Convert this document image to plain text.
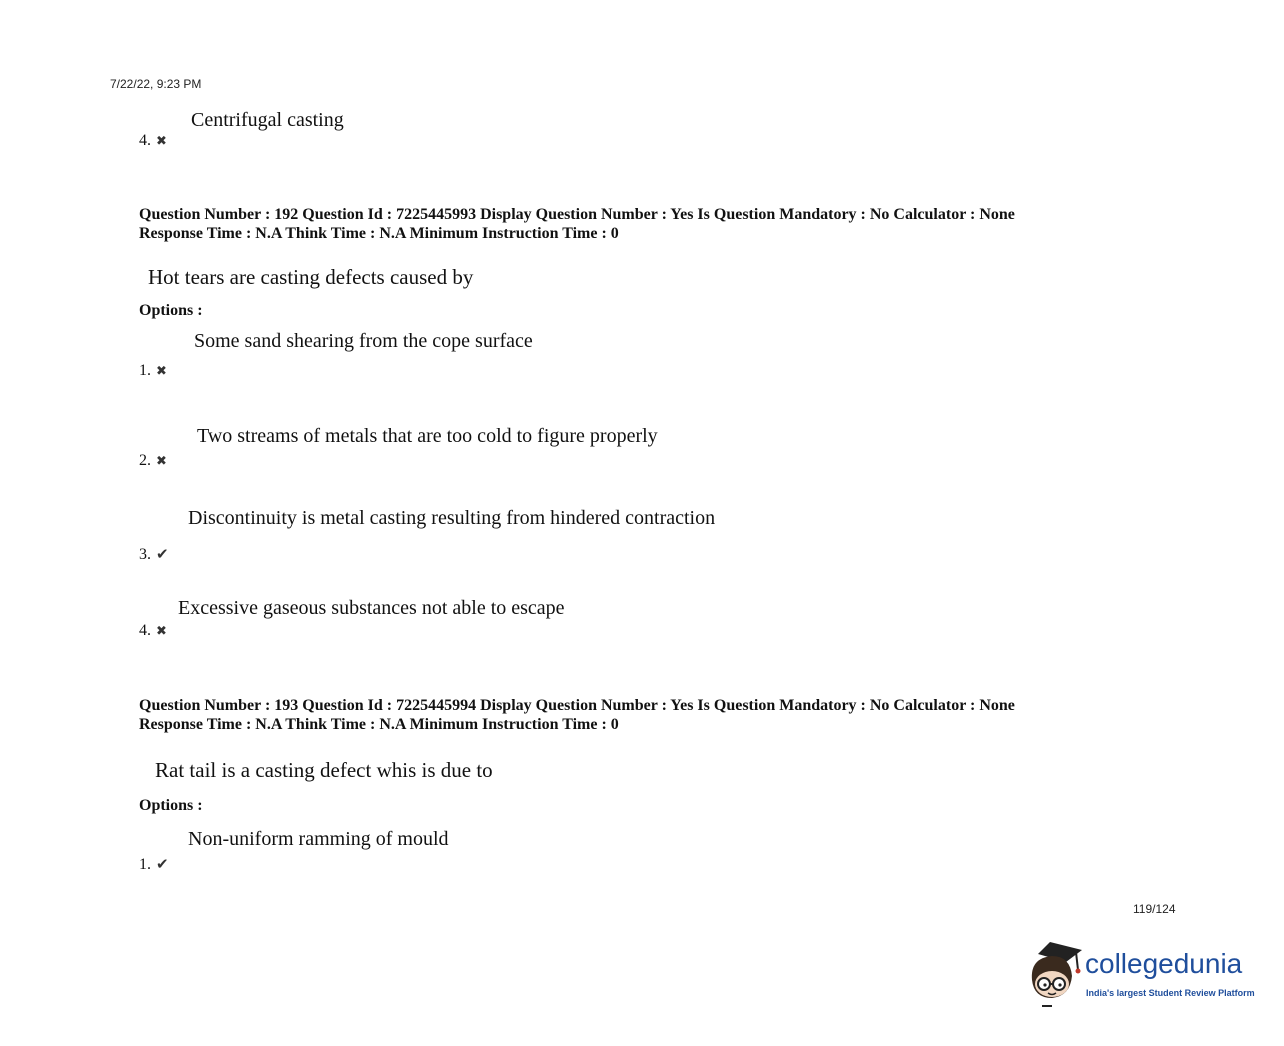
7/22/22, 9:23 PM
Centrifugal casting
4. ✖
Question Number : 192 Question Id : 7225445993 Display Question Number : Yes Is Question Mandatory : No Calculator : None
Response Time : N.A Think Time : N.A Minimum Instruction Time : 0
Hot tears are casting defects caused by
Options :
Some sand shearing from the cope surface
1. ✖
Two streams of metals that are too cold to figure properly
2. ✖
Discontinuity is metal casting resulting from hindered contraction
3. ✔
Excessive gaseous substances not able to escape
4. ✖
Question Number : 193 Question Id : 7225445994 Display Question Number : Yes Is Question Mandatory : No Calculator : None
Response Time : N.A Think Time : N.A Minimum Instruction Time : 0
Rat tail is a casting defect whis is due to
Options :
Non-uniform ramming of mould
1. ✔
119/124
collegedunia
India's largest Student Review Platform
